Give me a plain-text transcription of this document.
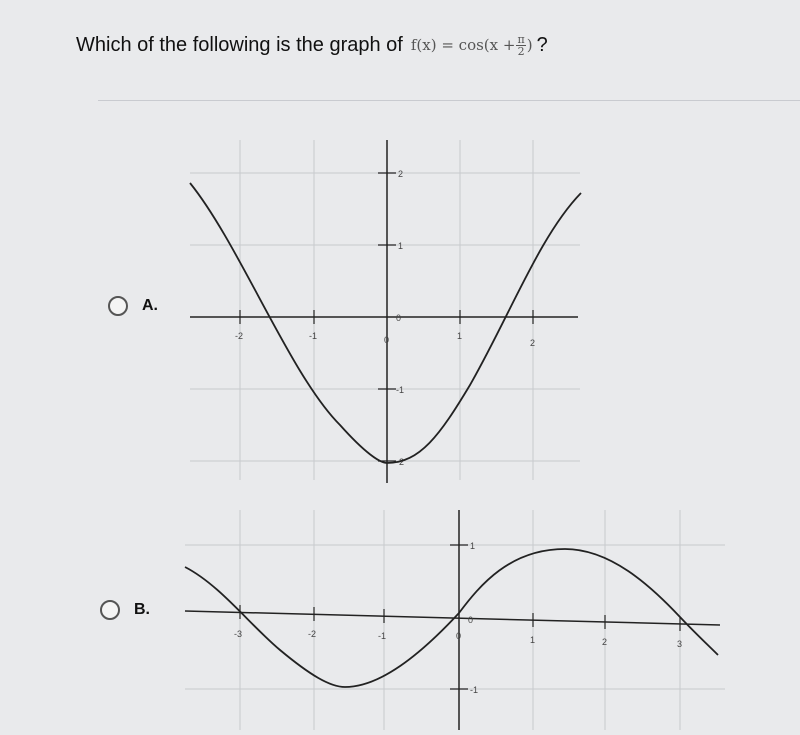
Which of the following is the graph of $f(x) = \cos(x + \frac{\pi}{2}$ ) ?
A.
-2	-1	0	1
2
2
1
0
-1
-2
B.
-3	-2	-1	0	1	2	3
1
0
-1
